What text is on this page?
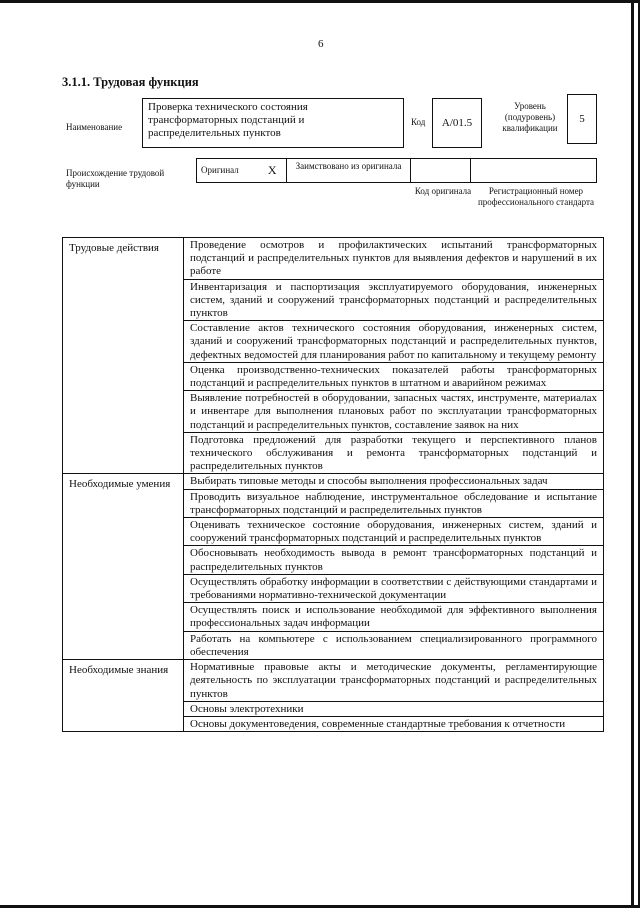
6
3.1.1. Трудовая функция
Наименование
Проверка технического состояния трансформаторных подстанций и распределительных пунктов
Код A/01.5
Уровень (подуровень) квалификации
5
Происхождение трудовой функции
Оригинал	X	Заимствовано из оригинала		
Код оригинала	Регистрационный номер профессионального стандарта
Трудовые действия	Проведение осмотров и профилактических испытаний трансформаторных подстанций и распределительных пунктов для выявления дефектов и нарушений в их работе
	Инвентаризация и паспортизация эксплуатируемого оборудования, инженерных систем, зданий и сооружений трансформаторных подстанций и распределительных пунктов
	Составление актов технического состояния оборудования, инженерных систем, зданий и сооружений трансформаторных подстанций и распределительных пунктов, дефектных ведомостей для планирования работ по капитальному и текущему ремонту
	Оценка производственно-технических показателей работы трансформаторных подстанций и распределительных пунктов в штатном и аварийном режимах
	Выявление потребностей в оборудовании, запасных частях, инструменте, материалах и инвентаре для выполнения плановых работ по эксплуатации трансформаторных подстанций и распределительных пунктов, составление заявок на них
	Подготовка предложений для разработки текущего и перспективного планов технического обслуживания и ремонта трансформаторных подстанций и распределительных пунктов
Необходимые умения	Выбирать типовые методы и способы выполнения профессиональных задач
	Проводить визуальное наблюдение, инструментальное обследование и испытание трансформаторных подстанций и распределительных пунктов
	Оценивать техническое состояние оборудования, инженерных систем, зданий и сооружений трансформаторных подстанций и распределительных пунктов
	Обосновывать необходимость вывода в ремонт трансформаторных подстанций и распределительных пунктов
	Осуществлять обработку информации в соответствии с действующими стандартами и требованиями нормативно-технической документации
	Осуществлять поиск и использование необходимой для эффективного выполнения профессиональных задач информации
	Работать на компьютере с использованием специализированного программного обеспечения
Необходимые знания	Нормативные правовые акты и методические документы, регламентирующие деятельность по эксплуатации трансформаторных подстанций и распределительных пунктов
	Основы электротехники
	Основы документоведения, современные стандартные требования к отчетности
